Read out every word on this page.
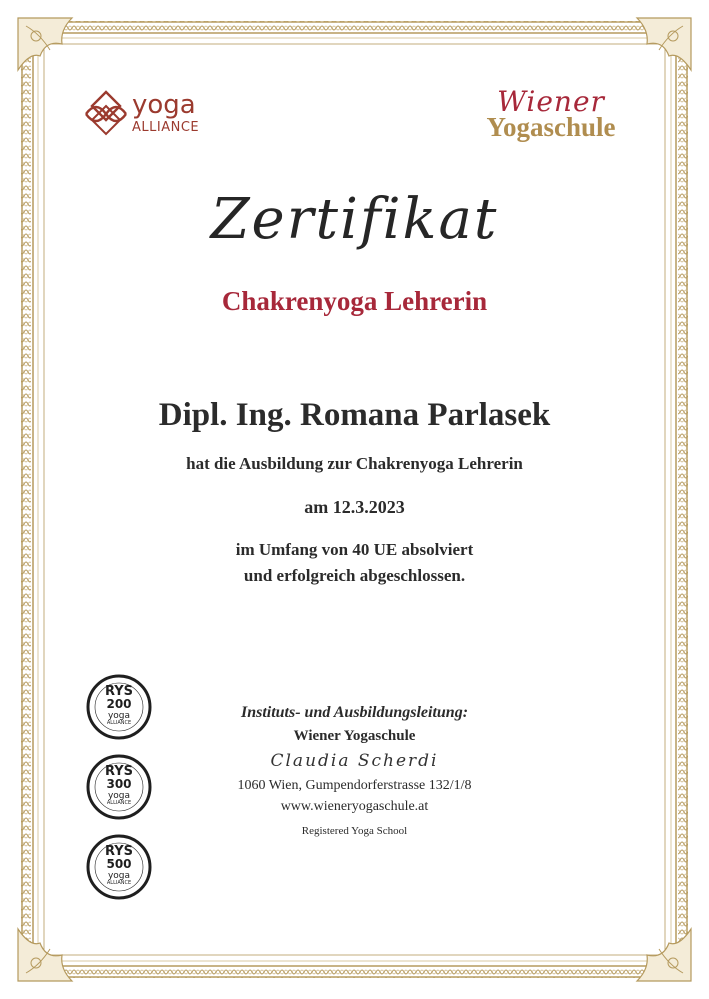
yoga
ALLIANCE
Wiener
Yogaschule
Zertifikat
Chakrenyoga Lehrerin
Dipl. Ing. Romana Parlasek
hat die Ausbildung zur Chakrenyoga Lehrerin
am 12.3.2023
im Umfang von 40 UE absolviert
und erfolgreich abgeschlossen.
Instituts- und Ausbildungsleitung:
Wiener Yogaschule
Claudia Scherdi
1060 Wien, Gumpendorferstrasse 132/1/8
www.wieneryogaschule.at
Registered Yoga School
RYS
200
yoga
ALLIANCE
RYS
300
yoga
ALLIANCE
RYS
500
yoga
ALLIANCE
